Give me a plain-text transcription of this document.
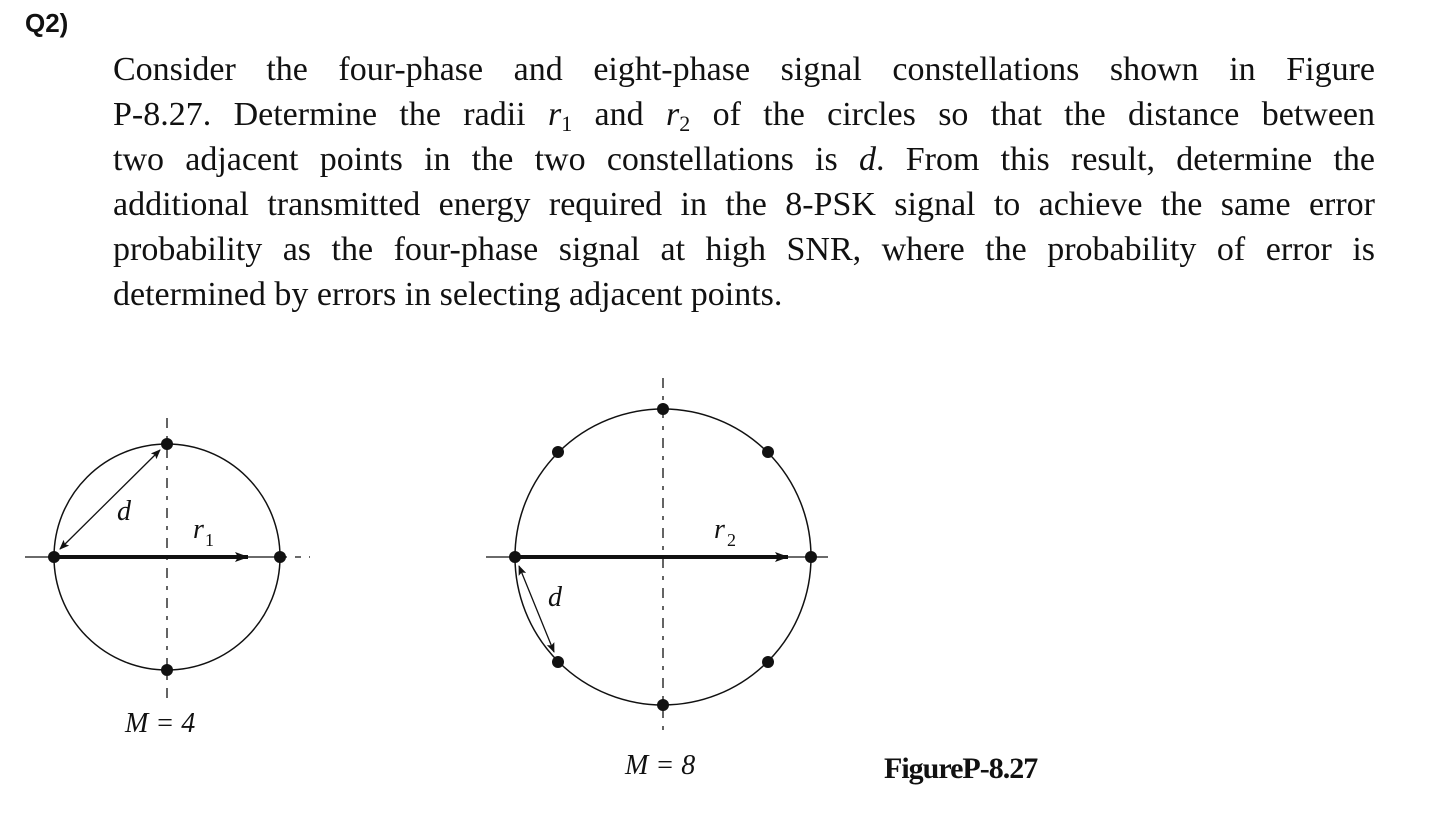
Q2)
Consider the four-phase and eight-phase signal constellations shown in Figure
P-8.27. Determine the radii $r_1$ and $r_2$ of the circles so that the distance between
two adjacent points in the two constellations is d. From this result, determine the
additional transmitted energy required in the 8-PSK signal to achieve the same error
probability as the four-phase signal at high SNR, where the probability of error is
determined by errors in selecting adjacent points.
d
r 1
M = 4
d
r 2
M = 8	FigureP-8.27
